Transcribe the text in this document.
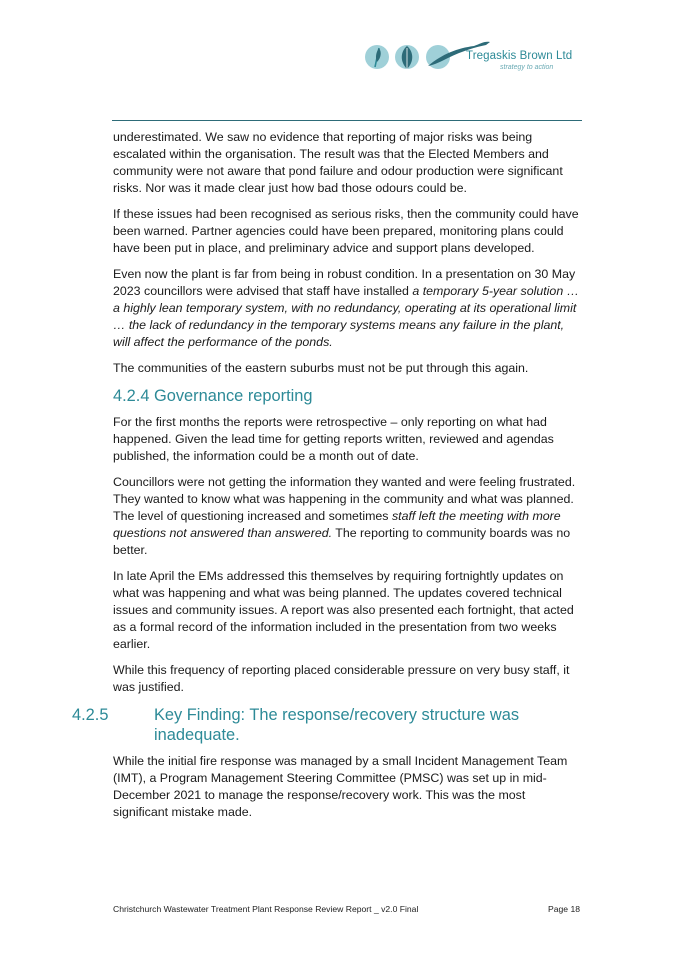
Tregaskis Brown Ltd
strategy to action

underestimated. We saw no evidence that reporting of major risks was being escalated within the organisation. The result was that the Elected Members and community were not aware that pond failure and odour production were significant risks. Nor was it made clear just how bad those odours could be.

If these issues had been recognised as serious risks, then the community could have been warned. Partner agencies could have been prepared, monitoring plans could have been put in place, and preliminary advice and support plans developed.

Even now the plant is far from being in robust condition. In a presentation on 30 May 2023 councillors were advised that staff have installed a temporary 5-year solution … a highly lean temporary system, with no redundancy, operating at its operational limit … the lack of redundancy in the temporary systems means any failure in the plant, will affect the performance of the ponds.

The communities of the eastern suburbs must not be put through this again.

4.2.4 Governance reporting

For the first months the reports were retrospective – only reporting on what had happened. Given the lead time for getting reports written, reviewed and agendas published, the information could be a month out of date.

Councillors were not getting the information they wanted and were feeling frustrated. They wanted to know what was happening in the community and what was planned. The level of questioning increased and sometimes staff left the meeting with more questions not answered than answered. The reporting to community boards was no better.

In late April the EMs addressed this themselves by requiring fortnightly updates on what was happening and what was being planned. The updates covered technical issues and community issues. A report was also presented each fortnight, that acted as a formal record of the information included in the presentation from two weeks earlier.

While this frequency of reporting placed considerable pressure on very busy staff, it was justified.

4.2.5	Key Finding: The response/recovery structure was inadequate.

While the initial fire response was managed by a small Incident Management Team (IMT), a Program Management Steering Committee (PMSC) was set up in mid-December 2021 to manage the response/recovery work. This was the most significant mistake made.

Christchurch Wastewater Treatment Plant Response Review Report _ v2.0 Final	Page 18
